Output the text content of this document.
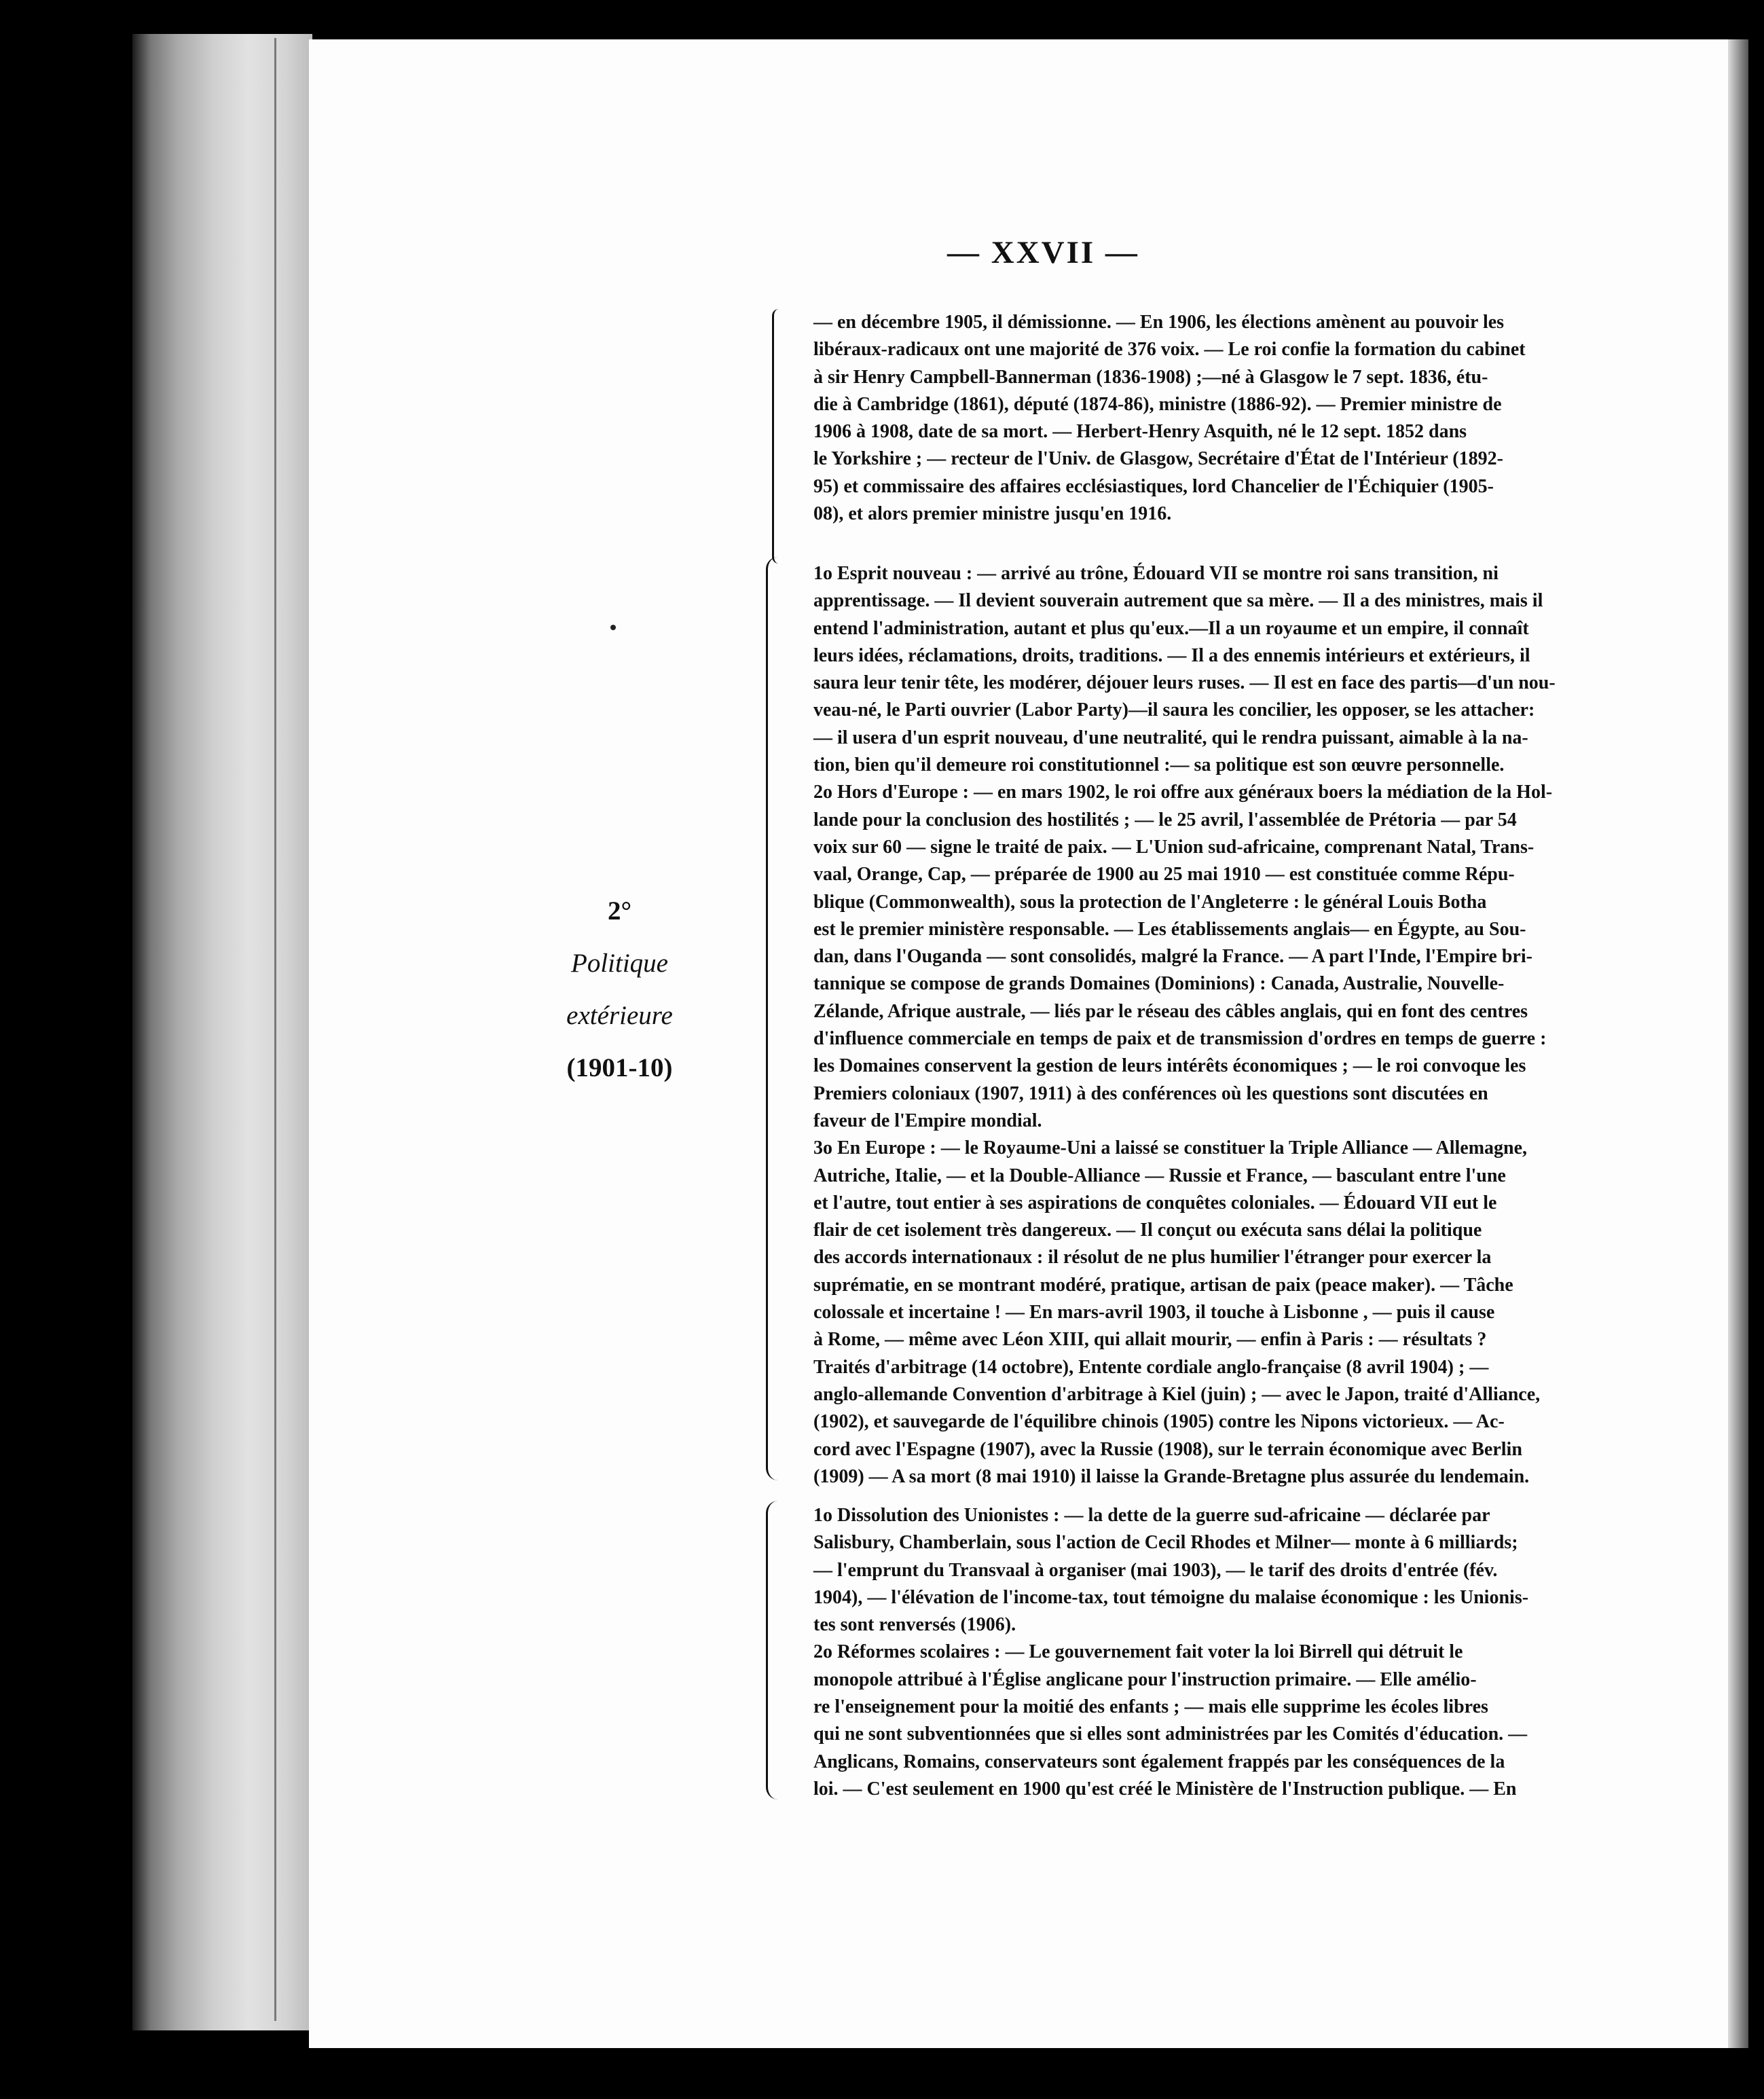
— XXVII —
2°
Politique
extérieure
(1901-10)
— en décembre 1905, il démissionne. — En 1906, les élections amènent au pouvoir les
libéraux-radicaux ont une majorité de 376 voix. — Le roi confie la formation du cabinet
à sir Henry Campbell-Bannerman (1836-1908) ;—né à Glasgow le 7 sept. 1836, étu-
die à Cambridge (1861), député (1874-86), ministre (1886-92). — Premier ministre de
1906 à 1908, date de sa mort. — Herbert-Henry Asquith, né le 12 sept. 1852 dans
le Yorkshire ; — recteur de l'Univ. de Glasgow, Secrétaire d'État de l'Intérieur (1892-
95) et commissaire des affaires ecclésiastiques, lord Chancelier de l'Échiquier (1905-
08), et alors premier ministre jusqu'en 1916.
1o Esprit nouveau : — arrivé au trône, Édouard VII se montre roi sans transition, ni
apprentissage. — Il devient souverain autrement que sa mère. — Il a des ministres, mais il
entend l'administration, autant et plus qu'eux.—Il a un royaume et un empire, il connaît
leurs idées, réclamations, droits, traditions. — Il a des ennemis intérieurs et extérieurs, il
saura leur tenir tête, les modérer, déjouer leurs ruses. — Il est en face des partis—d'un nou-
veau-né, le Parti ouvrier (Labor Party)—il saura les concilier, les opposer, se les attacher:
— il usera d'un esprit nouveau, d'une neutralité, qui le rendra puissant, aimable à la na-
tion, bien qu'il demeure roi constitutionnel :— sa politique est son œuvre personnelle.
2o Hors d'Europe : — en mars 1902, le roi offre aux généraux boers la médiation de la Hol-
lande pour la conclusion des hostilités ; — le 25 avril, l'assemblée de Prétoria — par 54
voix sur 60 — signe le traité de paix. — L'Union sud-africaine, comprenant Natal, Trans-
vaal, Orange, Cap, — préparée de 1900 au 25 mai 1910 — est constituée comme Répu-
blique (Commonwealth), sous la protection de l'Angleterre : le général Louis Botha
est le premier ministère responsable. — Les établissements anglais— en Égypte, au Sou-
dan, dans l'Ouganda — sont consolidés, malgré la France. — A part l'Inde, l'Empire bri-
tannique se compose de grands Domaines (Dominions) : Canada, Australie, Nouvelle-
Zélande, Afrique australe, — liés par le réseau des câbles anglais, qui en font des centres
d'influence commerciale en temps de paix et de transmission d'ordres en temps de guerre :
les Domaines conservent la gestion de leurs intérêts économiques ; — le roi convoque les
Premiers coloniaux (1907, 1911) à des conférences où les questions sont discutées en
faveur de l'Empire mondial.
3o En Europe : — le Royaume-Uni a laissé se constituer la Triple Alliance — Allemagne,
Autriche, Italie, — et la Double-Alliance — Russie et France, — basculant entre l'une
et l'autre, tout entier à ses aspirations de conquêtes coloniales. — Édouard VII eut le
flair de cet isolement très dangereux. — Il conçut ou exécuta sans délai la politique
des accords internationaux : il résolut de ne plus humilier l'étranger pour exercer la
suprématie, en se montrant modéré, pratique, artisan de paix (peace maker). — Tâche
colossale et incertaine ! — En mars-avril 1903, il touche à Lisbonne , — puis il cause
à Rome, — même avec Léon XIII, qui allait mourir, — enfin à Paris : — résultats ?
Traités d'arbitrage (14 octobre), Entente cordiale anglo-française (8 avril 1904) ; —
anglo-allemande Convention d'arbitrage à Kiel (juin) ; — avec le Japon, traité d'Alliance,
(1902), et sauvegarde de l'équilibre chinois (1905) contre les Nipons victorieux. — Ac-
cord avec l'Espagne (1907), avec la Russie (1908), sur le terrain économique avec Berlin
(1909) — A sa mort (8 mai 1910) il laisse la Grande-Bretagne plus assurée du lendemain.
1o Dissolution des Unionistes : — la dette de la guerre sud-africaine — déclarée par
Salisbury, Chamberlain, sous l'action de Cecil Rhodes et Milner— monte à 6 milliards;
— l'emprunt du Transvaal à organiser (mai 1903), — le tarif des droits d'entrée (fév.
1904), — l'élévation de l'income-tax, tout témoigne du malaise économique : les Unionis-
tes sont renversés (1906).
2o Réformes scolaires : — Le gouvernement fait voter la loi Birrell qui détruit le
monopole attribué à l'Église anglicane pour l'instruction primaire. — Elle amélio-
re l'enseignement pour la moitié des enfants ; — mais elle supprime les écoles libres
qui ne sont subventionnées que si elles sont administrées par les Comités d'éducation. —
Anglicans, Romains, conservateurs sont également frappés par les conséquences de la
loi. — C'est seulement en 1900 qu'est créé le Ministère de l'Instruction publique. — En
